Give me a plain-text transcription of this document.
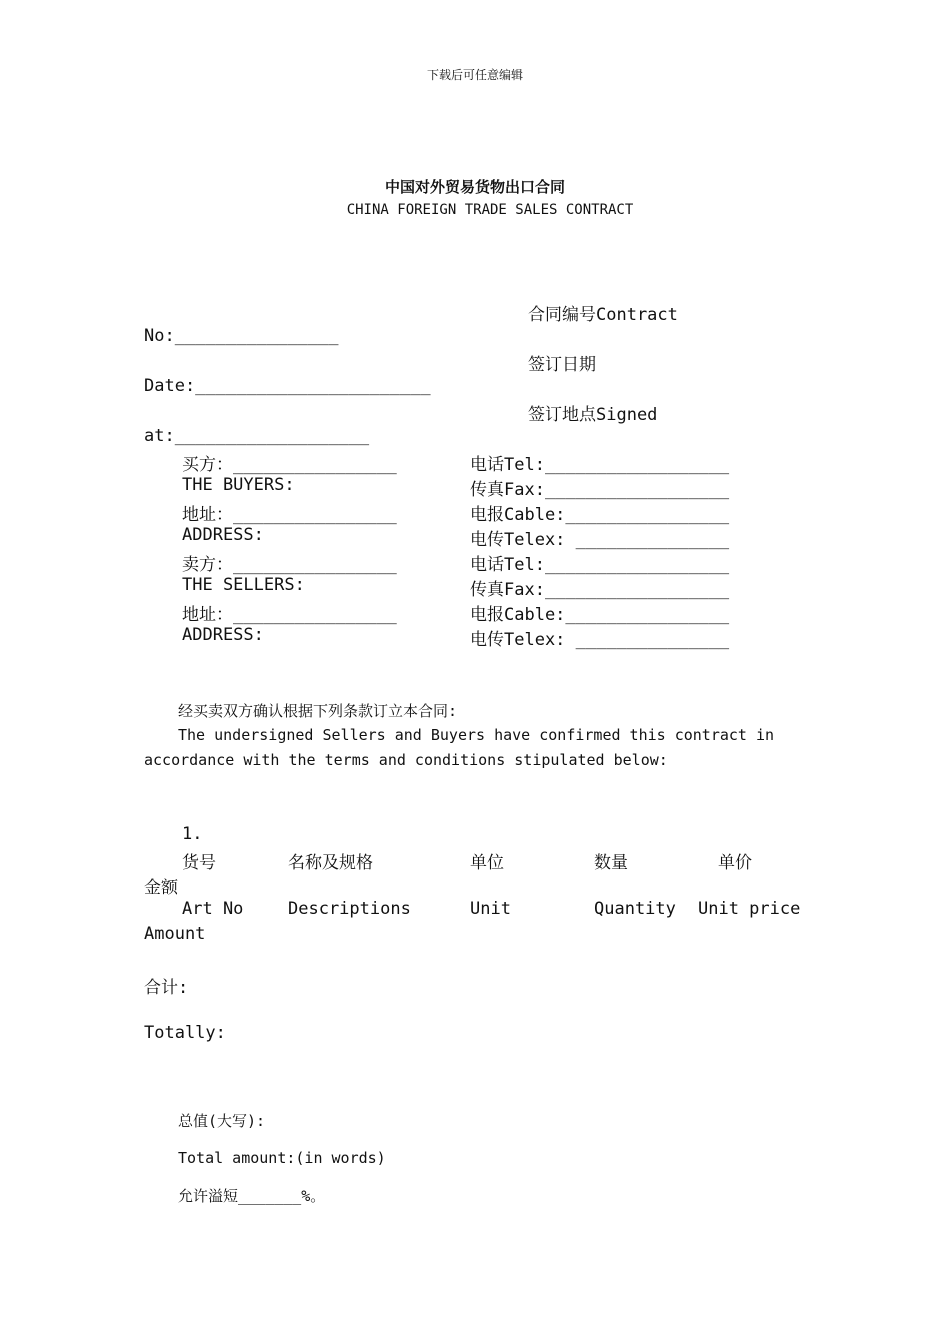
下载后可任意编辑
中国对外贸易货物出口合同
CHINA FOREIGN TRADE SALES CONTRACT
合同编号Contract
No:________________
签订日期
Date:_______________________
签订地点Signed
at:___________________
买方：________________
THE BUYERS:
地址：________________
ADDRESS:
卖方：________________
THE SELLERS:
地址：________________
ADDRESS:
电话Tel:__________________
传真Fax:__________________
电报Cable:________________
电传Telex: _______________
电话Tel:__________________
传真Fax:__________________
电报Cable:________________
电传Telex: _______________
经买卖双方确认根据下列条款订立本合同:
The undersigned Sellers and Buyers have confirmed this contract in
accordance with the terms and conditions stipulated below:
1.
货号	名称及规格	单位	数量	单价
金额
Art No	Descriptions	Unit	Quantity Unit price
Amount
合计:
Totally:
总值(大写):
Total amount:(in words)
允许溢短_______%。
